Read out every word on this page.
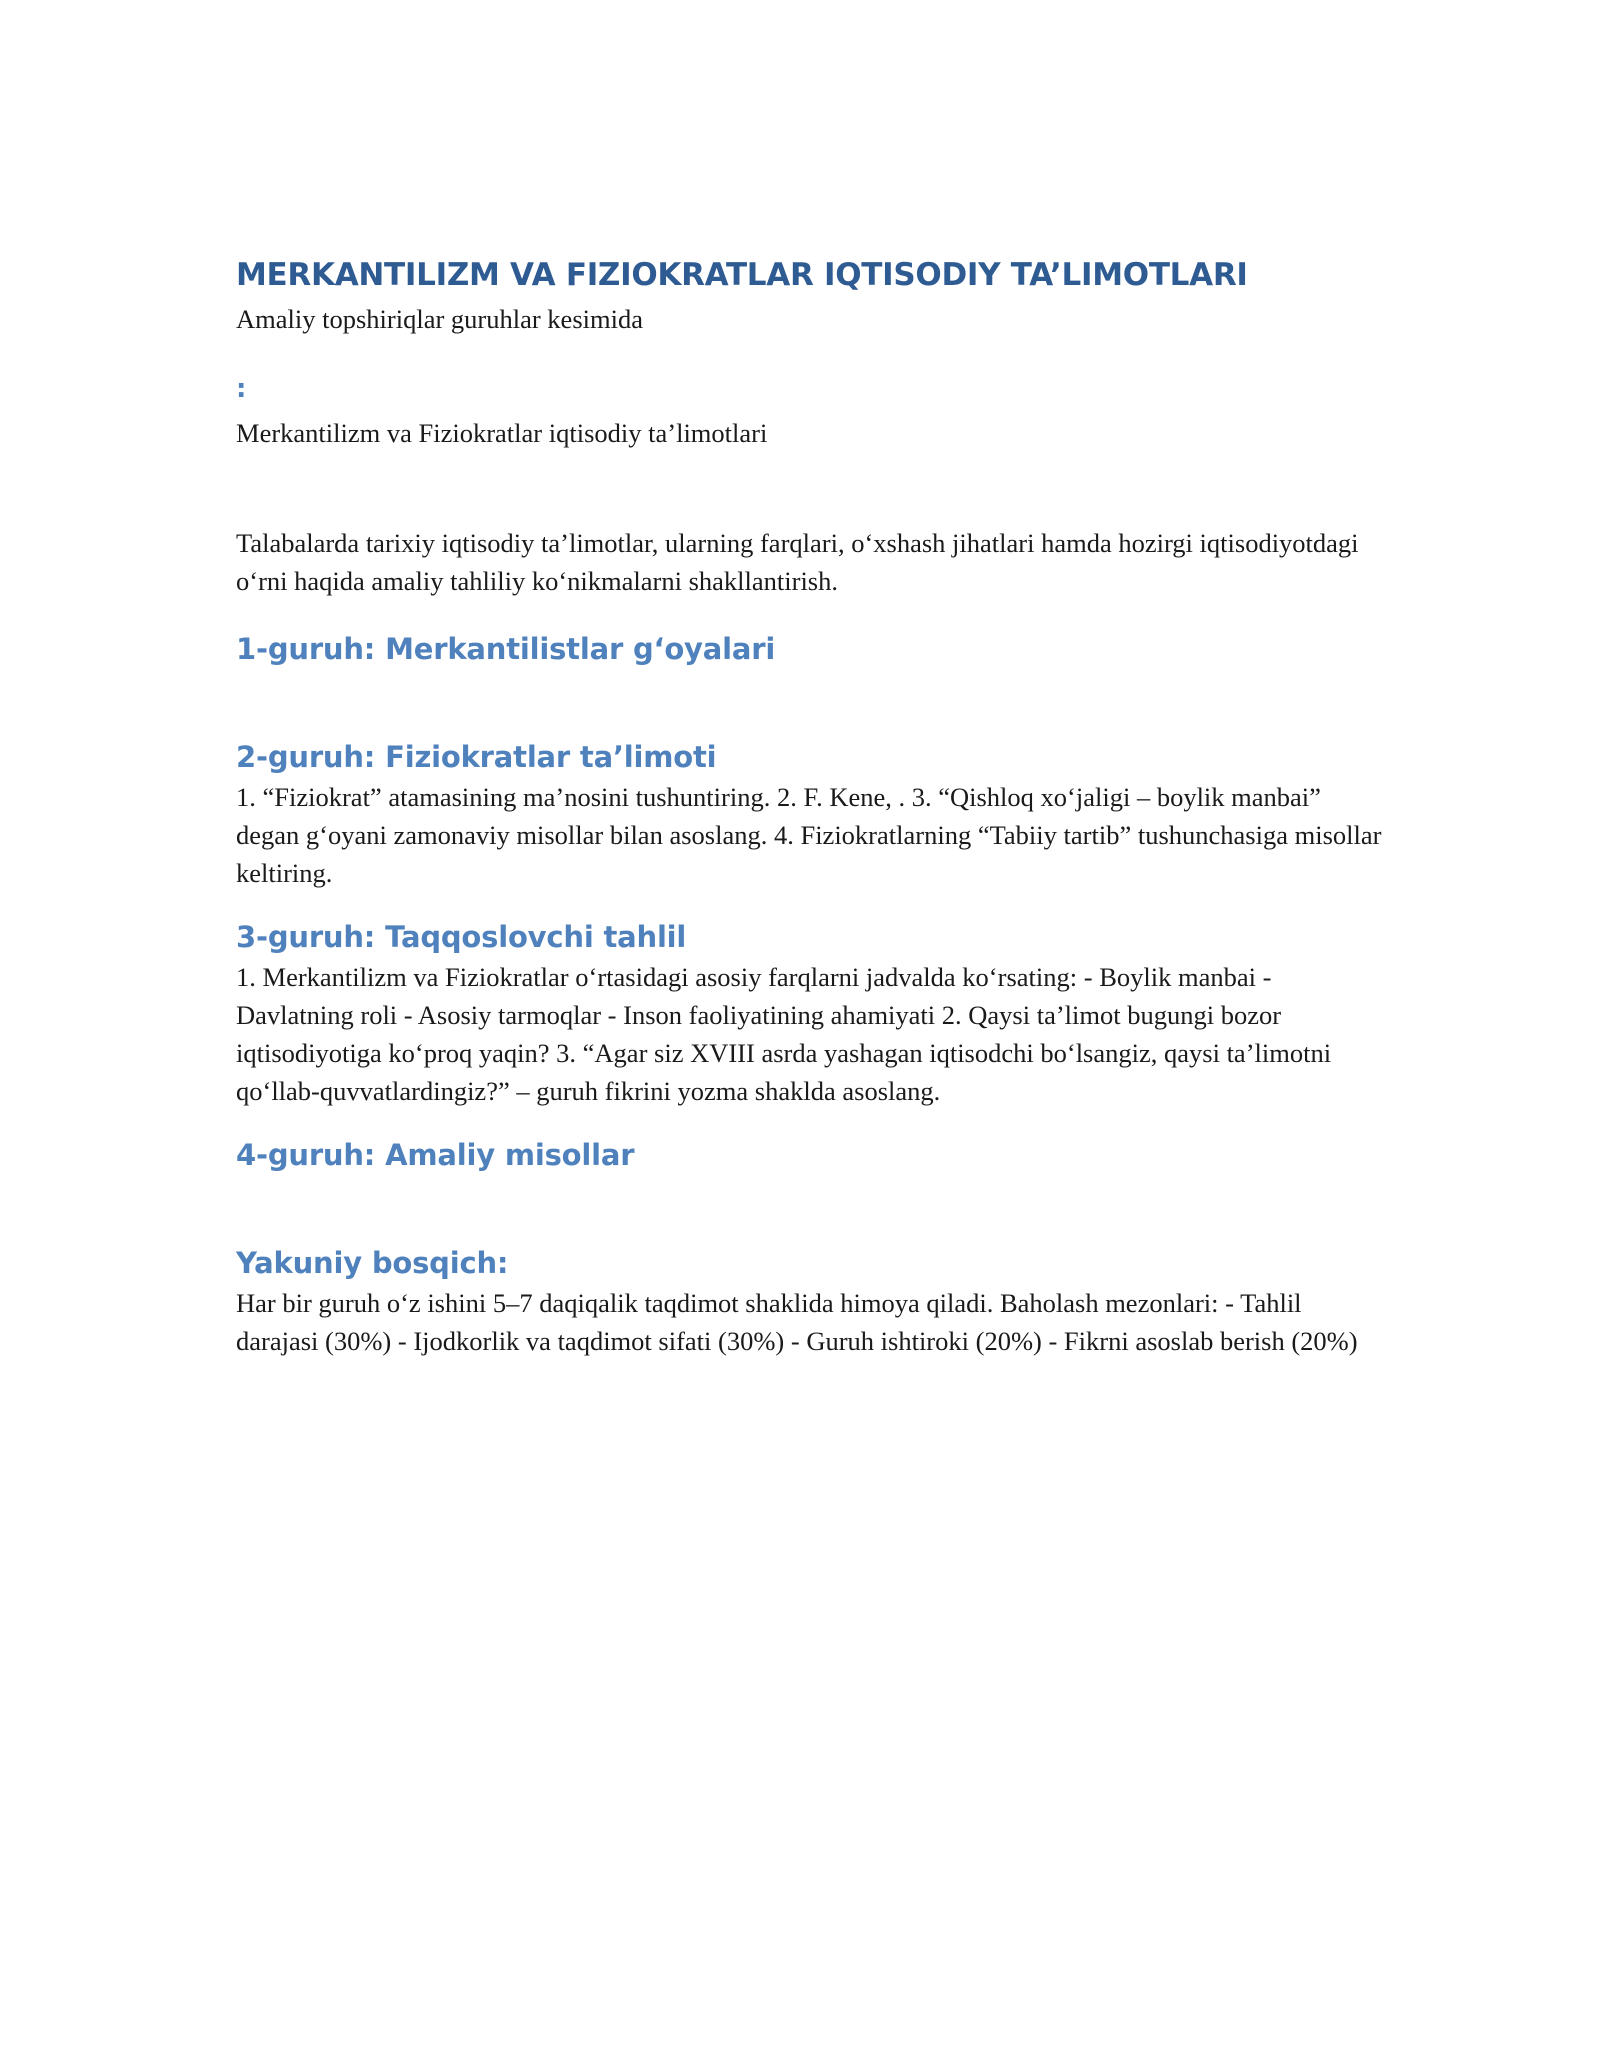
MERKANTILIZM VA FIZIOKRATLAR IQTISODIY TA’LIMOTLARI

Amaliy topshiriqlar guruhlar kesimida

:

Merkantilizm va Fiziokratlar iqtisodiy ta’limotlari

Talabalarda tarixiy iqtisodiy ta’limotlar, ularning farqlari, o‘xshash jihatlari hamda hozirgi iqtisodiyotdagi o‘rni haqida amaliy tahliliy ko‘nikmalarni shakllantirish.

1-guruh: Merkantilistlar g‘oyalari
2-guruh: Fiziokratlar ta’limoti

1. “Fiziokrat” atamasining ma’nosini tushuntiring. 2. F. Kene, . 3. “Qishloq xo‘jaligi – boylik manbai” degan g‘oyani zamonaviy misollar bilan asoslang. 4. Fiziokratlarning “Tabiiy tartib” tushunchasiga misollar keltiring.

3-guruh: Taqqoslovchi tahlil

1. Merkantilizm va Fiziokratlar o‘rtasidagi asosiy farqlarni jadvalda ko‘rsating: - Boylik manbai - Davlatning roli - Asosiy tarmoqlar - Inson faoliyatining ahamiyati 2. Qaysi ta’limot bugungi bozor iqtisodiyotiga ko‘proq yaqin? 3. “Agar siz XVIII asrda yashagan iqtisodchi bo‘lsangiz, qaysi ta’limotni qo‘llab-quvvatlardingiz?” – guruh fikrini yozma shaklda asoslang.

4-guruh: Amaliy misollar
Yakuniy bosqich:

Har bir guruh o‘z ishini 5–7 daqiqalik taqdimot shaklida himoya qiladi. Baholash mezonlari: - Tahlil darajasi (30%) - Ijodkorlik va taqdimot sifati (30%) - Guruh ishtiroki (20%) - Fikrni asoslab berish (20%)
